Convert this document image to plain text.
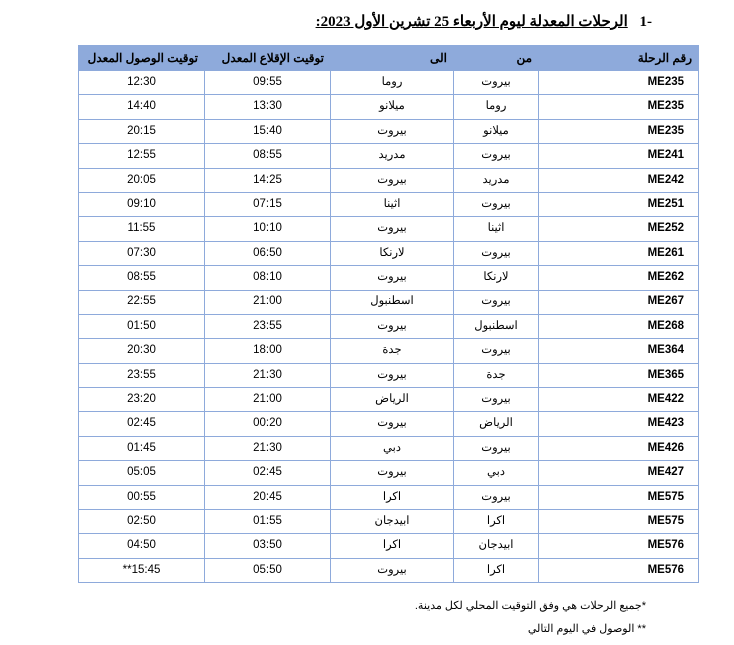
-1 الرحلات المعدلة ليوم الأربعاء 25 تشرين الأول 2023:
رقم الرحلة	من	الى	توقيت الإقلاع المعدل	توقيت الوصول المعدل
ME235	بيروت	روما	09:55	12:30
ME235	روما	ميلانو	13:30	14:40
ME235	ميلانو	بيروت	15:40	20:15
ME241	بيروت	مدريد	08:55	12:55
ME242	مدريد	بيروت	14:25	20:05
ME251	بيروت	اثينا	07:15	09:10
ME252	اثينا	بيروت	10:10	11:55
ME261	بيروت	لارنكا	06:50	07:30
ME262	لارنكا	بيروت	08:10	08:55
ME267	بيروت	اسطنبول	21:00	22:55
ME268	اسطنبول	بيروت	23:55	01:50
ME364	بيروت	جدة	18:00	20:30
ME365	جدة	بيروت	21:30	23:55
ME422	بيروت	الرياض	21:00	23:20
ME423	الرياض	بيروت	00:20	02:45
ME426	بيروت	دبي	21:30	01:45
ME427	دبي	بيروت	02:45	05:05
ME575	بيروت	اكرا	20:45	00:55
ME575	اكرا	ابيدجان	01:55	02:50
ME576	ابيدجان	اكرا	03:50	04:50
ME576	اكرا	بيروت	05:50	15:45**
*جميع الرحلات هي وفق التوقيت المحلي لكل مدينة.
** الوصول في اليوم التالي
